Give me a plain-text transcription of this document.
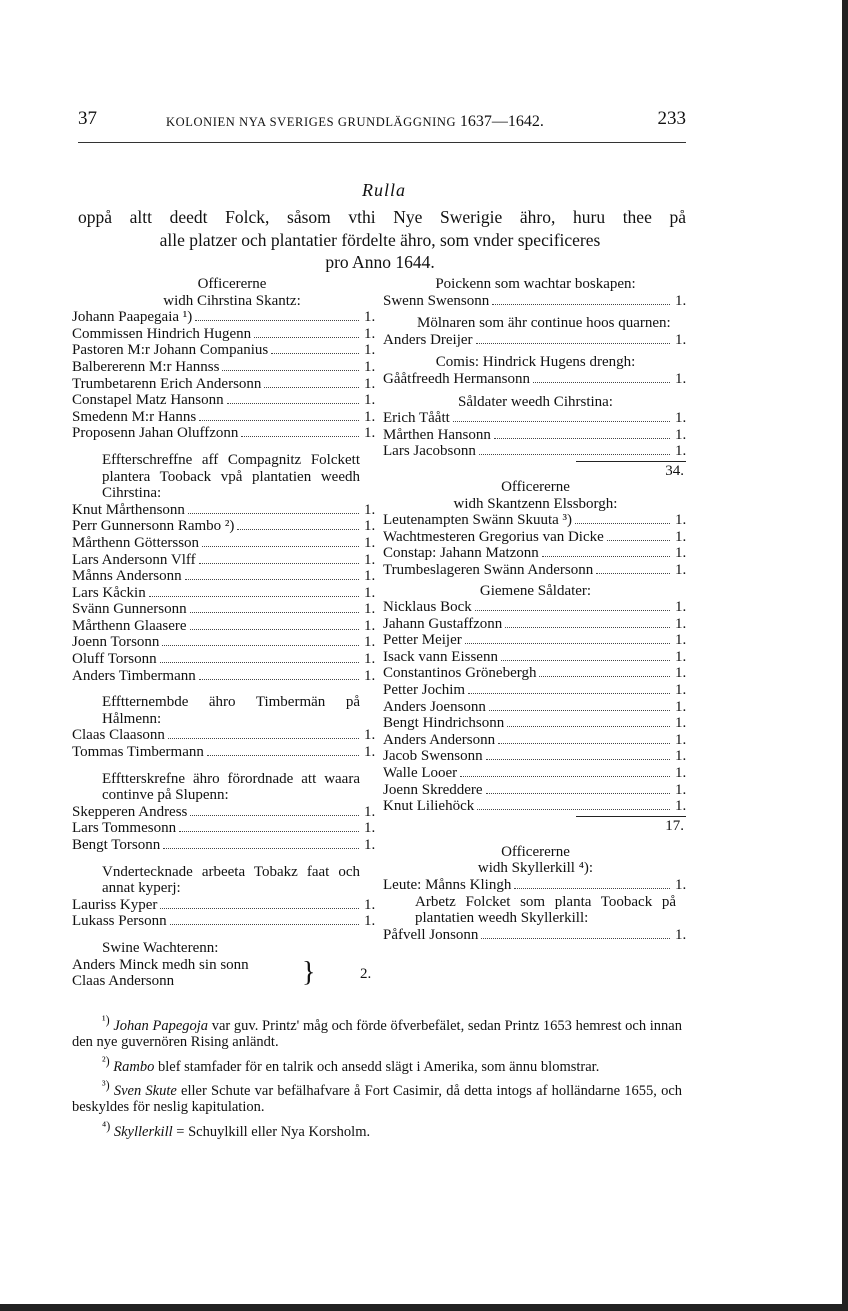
37	KOLONIEN NYA SVERIGES GRUNDLÄGGNING 1637—1642.	233
Rulla
oppå altt deedt Folck, såsom vthi Nye Swerigie ähro, huru thee på
alle platzer och plantatier fördelte ähro, som vnder specificeres
pro Anno 1644.
Officererne
widh Cihrstina Skantz:
Johann Paapegaia ¹)	1.
Commissen Hindrich Hugenn	1.
Pastoren M:r Johann Companius	1.
Balbererenn M:r Hannss	1.
Trumbetarenn Erich Andersonn	1.
Constapel Matz Hansonn	1.
Smedenn M:r Hanns	1.
Proposenn Jahan Oluffzonn	1.
Effterschreffne aff Compagnitz Folckett plantera Tooback vpå plantatien weedh Cihrstina:
Knut Mårthensonn	1.
Perr Gunnersonn Rambo ²)	1.
Mårthenn Göttersson	1.
Lars Andersonn Vlff	1.
Månns Andersonn	1.
Lars Kåckin	1.
Svänn Gunnersonn	1.
Mårthenn Glaasere	1.
Joenn Torsonn	1.
Oluff Torsonn	1.
Anders Timbermann	1.
Efftternembde ähro Timbermän på Hålmenn:
Claas Claasonn	1.
Tommas Timbermann	1.
Efftterskrefne ähro förordnade att waara continve på Slupenn:
Skepperen Andress	1.
Lars Tommesonn	1.
Bengt Torsonn	1.
Vndertecknade arbeeta Tobakz faat och annat kyperj:
Lauriss Kyper	1.
Lukass Personn	1.
Swine Wachterenn:
Anders Minck medh sin sonn
Claas Andersonn	}	2.
Poickenn som wachtar boskapen:
Swenn Swensonn	1.
Mölnaren som ähr continue hoos quarnen:
Anders Dreijer	1.
Comis: Hindrick Hugens drengh:
Gååtfreedh Hermansonn	1.
Såldater weedh Cihrstina:
Erich Tåått	1.
Mårthen Hansonn	1.
Lars Jacobsonn	1.
34.
Officererne
widh Skantzenn Elssborgh:
Leutenampten Swänn Skuuta ³)	1.
Wachtmesteren Gregorius van Dicke	1.
Constap: Jahann Matzonn	1.
Trumbeslageren Swänn Andersonn	1.
Giemene Såldater:
Nicklaus Bock	1.
Jahann Gustaffzonn	1.
Petter Meijer	1.
Isack vann Eissenn	1.
Constantinos Grönebergh	1.
Petter Jochim	1.
Anders Joensonn	1.
Bengt Hindrichsonn	1.
Anders Andersonn	1.
Jacob Swensonn	1.
Walle Looer	1.
Joenn Skreddere	1.
Knut Liliehöck	1.
17.
Officererne
widh Skyllerkill ⁴):
Leute: Månns Klingh	1.
Arbetz Folcket som planta Tooback på plantatien weedh Skyllerkill:
Påfvell Jonsonn	1.
$^{^1)}$ Johan Papegoja var guv. Printz' måg och förde öfverbefälet, sedan Printz 1653 hemrest och innan den nye guvernören Rising anländt.
$^{^2)}$ Rambo blef stamfader för en talrik och ansedd slägt i Amerika, som ännu blomstrar.
$^{^3)}$ Sven Skute eller Schute var befälhafvare å Fort Casimir, då detta intogs af holländarne 1655, och beskyldes för neslig kapitulation.
$^{^4)}$ Skyllerkill = Schuylkill eller Nya Korsholm.
